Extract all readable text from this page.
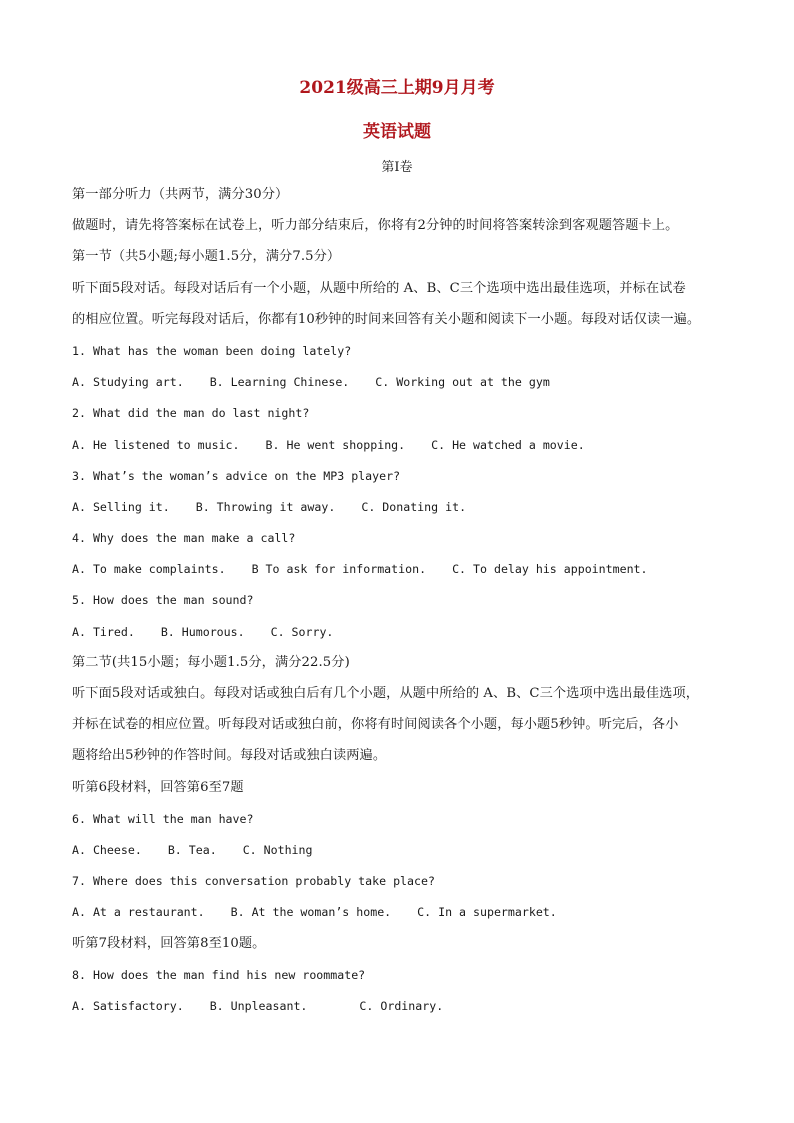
2021级高三上期9月月考
英语试题
第Ⅰ卷
第一部分听力（共两节，满分30分）
做题时，请先将答案标在试卷上，听力部分结束后，你将有2分钟的时间将答案转涂到客观题答题卡上。
第一节（共5小题;每小题1.5分，满分7.5分）
听下面5段对话。每段对话后有一个小题，从题中所给的 A、B、C三个选项中选出最佳选项，并标在试卷
的相应位置。听完每段对话后，你都有10秒钟的时间来回答有关小题和阅读下一小题。每段对话仅读一遍。
1. What has the woman been doing lately?
A. Studying art. B. Learning Chinese. C. Working out at the gym
2. What did the man do last night?
A. He listened to music. B. He went shopping. C. He watched a movie.
3. What’s the woman’s advice on the MP3 player?
A. Selling it. B. Throwing it away. C. Donating it.
4. Why does the man make a call?
A. To make complaints. B To ask for information. C. To delay his appointment.
5. How does the man sound?
A. Tired. B. Humorous. C. Sorry.
第二节(共15小题；每小题1.5分，满分22.5分)
听下面5段对话或独白。每段对话或独白后有几个小题，从题中所给的 A、B、C三个选项中选出最佳选项，
并标在试卷的相应位置。听每段对话或独白前，你将有时间阅读各个小题，每小题5秒钟。听完后，各小
题将给出5秒钟的作答时间。每段对话或独白读两遍。
听第6段材料，回答第6至7题
6. What will the man have?
A. Cheese. B. Tea. C. Nothing
7. Where does this conversation probably take place?
A. At a restaurant. B. At the woman’s home. C. In a supermarket.
听第7段材料，回答第8至10题。
8. How does the man find his new roommate?
A. Satisfactory. B. Unpleasant.	C. Ordinary.
